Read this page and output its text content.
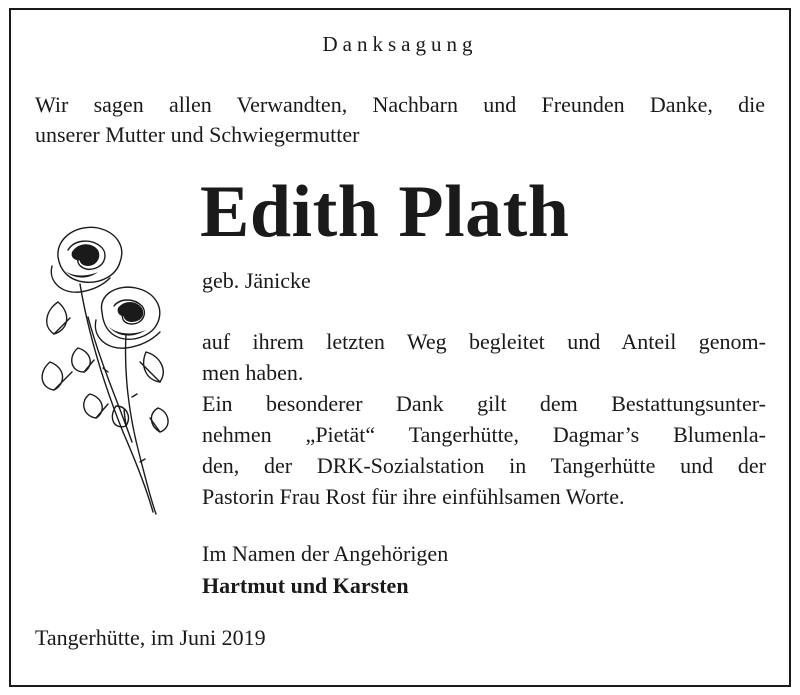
Danksagung
Wir sagen allen Verwandten, Nachbarn und Freunden Danke, die
unserer Mutter und Schwiegermutter
Edith Plath
geb. Jänicke
auf ihrem letzten Weg begleitet und Anteil genom-
men haben.
Ein besonderer Dank gilt dem Bestattungsunter-
nehmen „Pietät“ Tangerhütte, Dagmar’s Blumenla-
den, der DRK-Sozialstation in Tangerhütte und der
Pastorin Frau Rost für ihre einfühlsamen Worte.
Im Namen der Angehörigen
Hartmut und Karsten
Tangerhütte, im Juni 2019
